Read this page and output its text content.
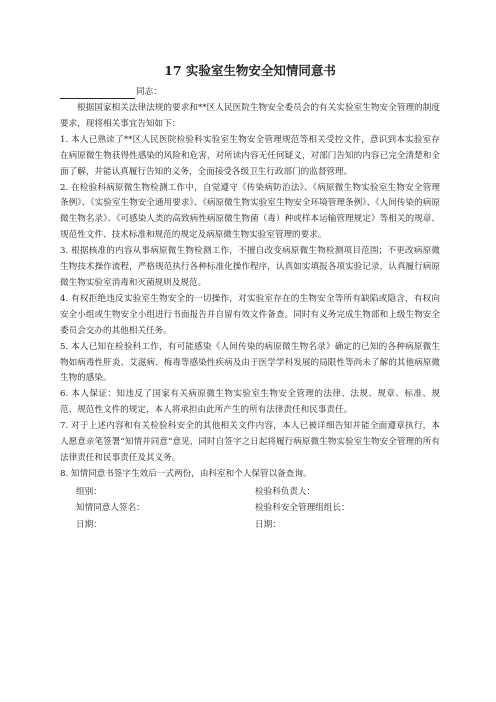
17 实验室生物安全知情同意书
同志：

根据国家相关法律法规的要求和**区人民医院生物安全委员会的有关实验室生物安全管理的制度要求，现将相关事宜告知如下：

1. 本人已熟读了**区人民医院检验科实验室生物安全管理规范等相关受控文件，意识到本实验室存在病原微生物获得性感染的风险和危害，对所读内容无任何疑义，对部门告知的内容已完全清楚和全面了解，并能认真履行告知的义务，全面接受各级卫生行政部门的监督管理。

2. 在检验科病原微生物检测工作中，自觉遵守《传染病防治法》、《病原微生物实验室生物安全管理条例》、《实验室生物安全通用要求》、《病原微生物实验室生物安全环境管理条例》、《人间传染的病原微生物名录》、《可感染人类的高致病性病原微生物菌（毒）种或样本运输管理规定》等相关的规章、规范性文件、技术标准和规范的规定及病原微生物实验室管理的要求。

3. 根据核准的内容从事病原微生物检测工作，不擅自改变病原微生物检测项目范围；不更改病原微生物技术操作流程，严格规范执行各种标准化操作程序，认真如实填报各项实验记录，认真履行病原微生物实验室消毒和灭菌规则及规范。

4. 有权拒绝违反实验室生物安全的一切操作，对实验室存在的生物安全等所有缺陷或隐含，有权向安全小组或生物安全小组进行书面报告并自留有效文件备查。同时有义务完成生物部和上级生物安全委员会交办的其他相关任务。

5. 本人已知在检验科工作，有可能感染《人间传染的病原微生物名录》确定的已知的各种病原微生物如病毒性肝炎、艾滋病、梅毒等感染性疾病及由于医学学科发展的局限性等尚未了解的其他病原微生物的感染。

6. 本人保证：知违反了国家有关病原微生物实验室生物安全管理的法律、法规、规章、标准、规范、规范性文件的规定，本人将承担由此所产生的所有法律责任和民事责任。

7. 对于上述内容和有关检验科安全的其他相关文件内容，本人已被详细告知并能全面遵章执行，本人愿意亲笔签署“知情并同意”意见，同时自签字之日起将履行病原微生物实验室生物安全管理的所有法律责任和民事责任及其义务。

8. 知情同意书签字生效后一式两份，由科室和个人保管以备查询。

组别：	检验科负责人：
知情同意人签名：	检验科安全管理组组长：
日期：	日期：
